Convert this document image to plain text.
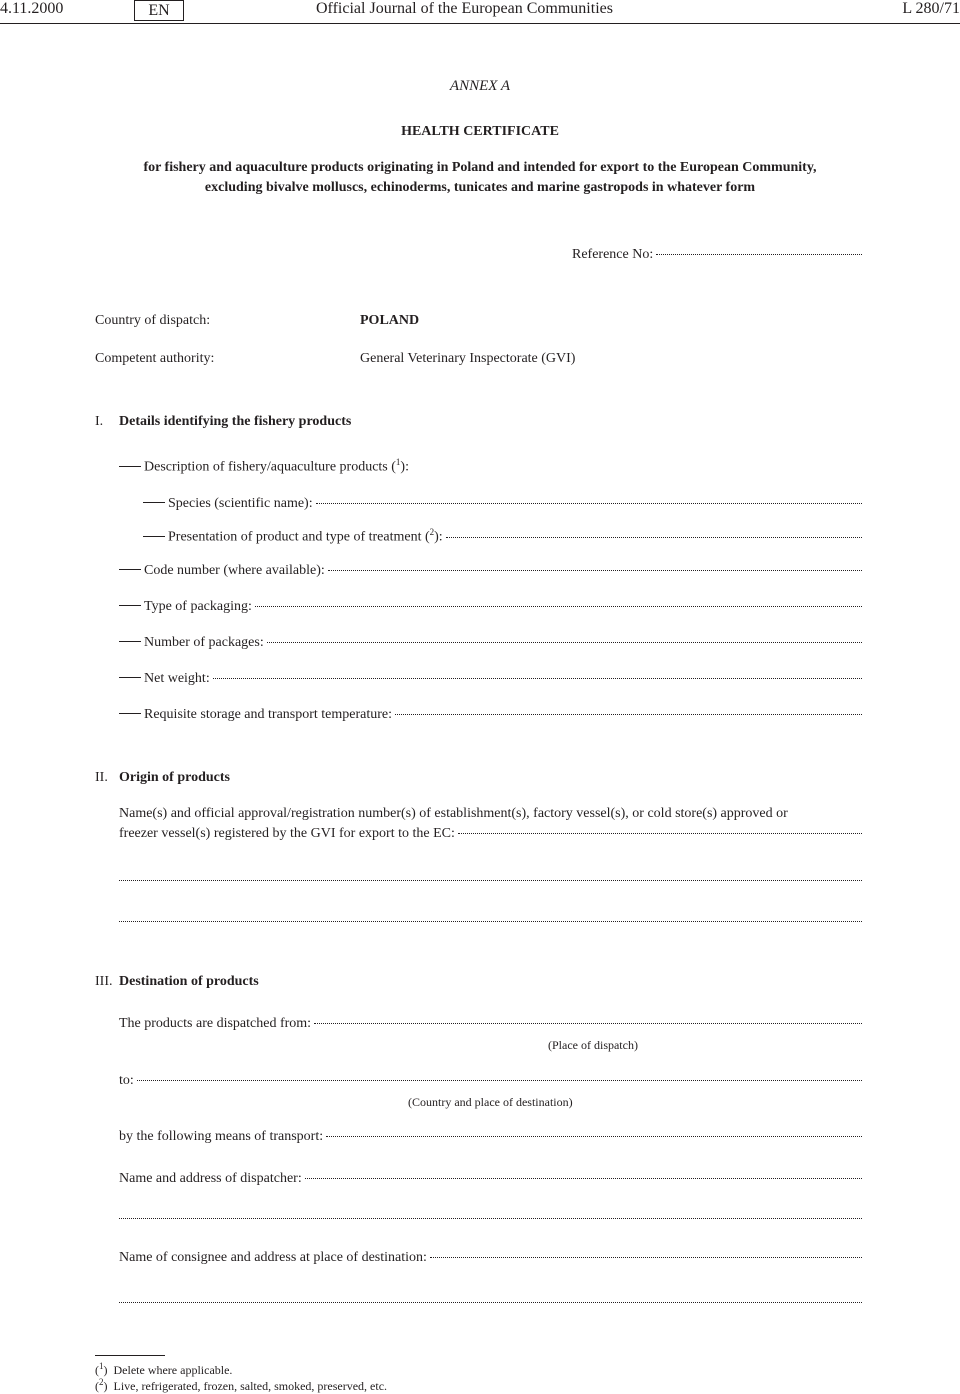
4.11.2000	EN	Official Journal of the European Communities	L 280/71
ANNEX A
HEALTH CERTIFICATE
for fishery and aquaculture products originating in Poland and intended for export to the European Community,
excluding bivalve molluscs, echinoderms, tunicates and marine gastropods in whatever form
Reference No:
Country of dispatch:	POLAND
Competent authority:	General Veterinary Inspectorate (GVI)
I. Details identifying the fishery products
Description of fishery/aquaculture products ($^1$):
Species (scientific name):
Presentation of product and type of treatment ($^2$):
Code number (where available):
Type of packaging:
Number of packages:
Net weight:
Requisite storage and transport temperature:
II. Origin of products
Name(s) and official approval/registration number(s) of establishment(s), factory vessel(s), or cold store(s) approved or
freezer vessel(s) registered by the GVI for export to the EC:
III. Destination of products
The products are dispatched from:
(Place of dispatch)
to:
(Country and place of destination)
by the following means of transport:
Name and address of dispatcher:
Name of consignee and address at place of destination:
($^1$)  Delete where applicable.
($^2$)  Live, refrigerated, frozen, salted, smoked, preserved, etc.
